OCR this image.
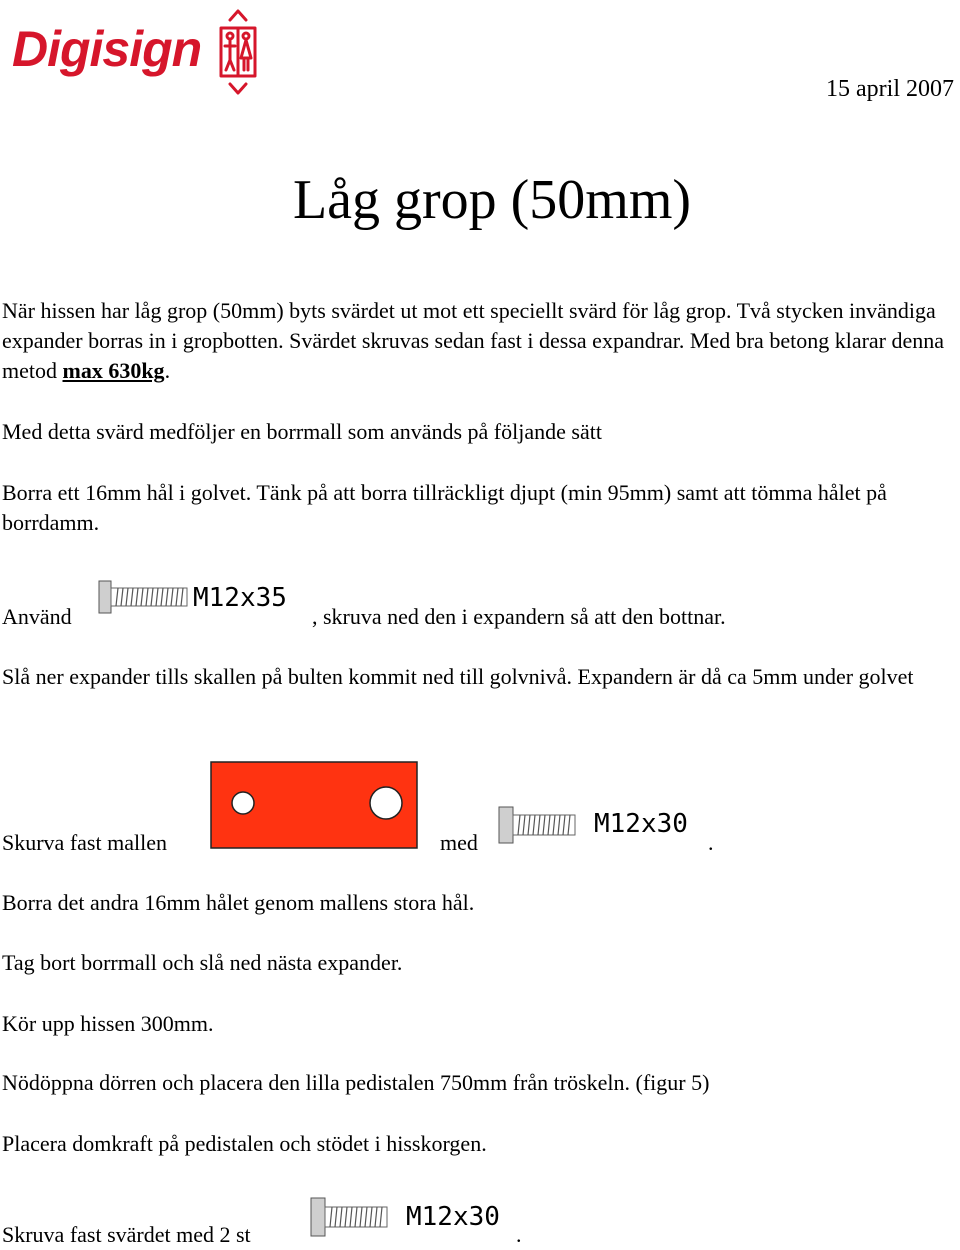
Digisign
15 april 2007
Låg grop (50mm)

När hissen har låg grop (50mm) byts svärdet ut mot ett speciellt svärd för låg grop. Två stycken invändiga expander borras in i gropbotten. Svärdet skruvas sedan fast i dessa expandrar. Med bra betong klarar denna metod max 630kg.

Med detta svärd medföljer en borrmall som används på följande sätt

Borra ett 16mm hål i golvet. Tänk på att borra tillräckligt djupt (min 95mm) samt att tömma hålet på borrdamm.

Använd
M12x35
, skruva ned den i expandern så att den bottnar.

Slå ner expander tills skallen på bulten kommit ned till golvnivå. Expandern är då ca 5mm under golvet

Skurva fast mallen	med
M12x30
.

Borra det andra 16mm hålet genom mallens stora hål.

Tag bort borrmall och slå ned nästa expander.

Kör upp hissen 300mm.

Nödöppna dörren och placera den lilla pedistalen 750mm från tröskeln. (figur 5)

Placera domkraft på pedistalen och stödet i hisskorgen.

Skruva fast svärdet med 2 st
M12x30
.
